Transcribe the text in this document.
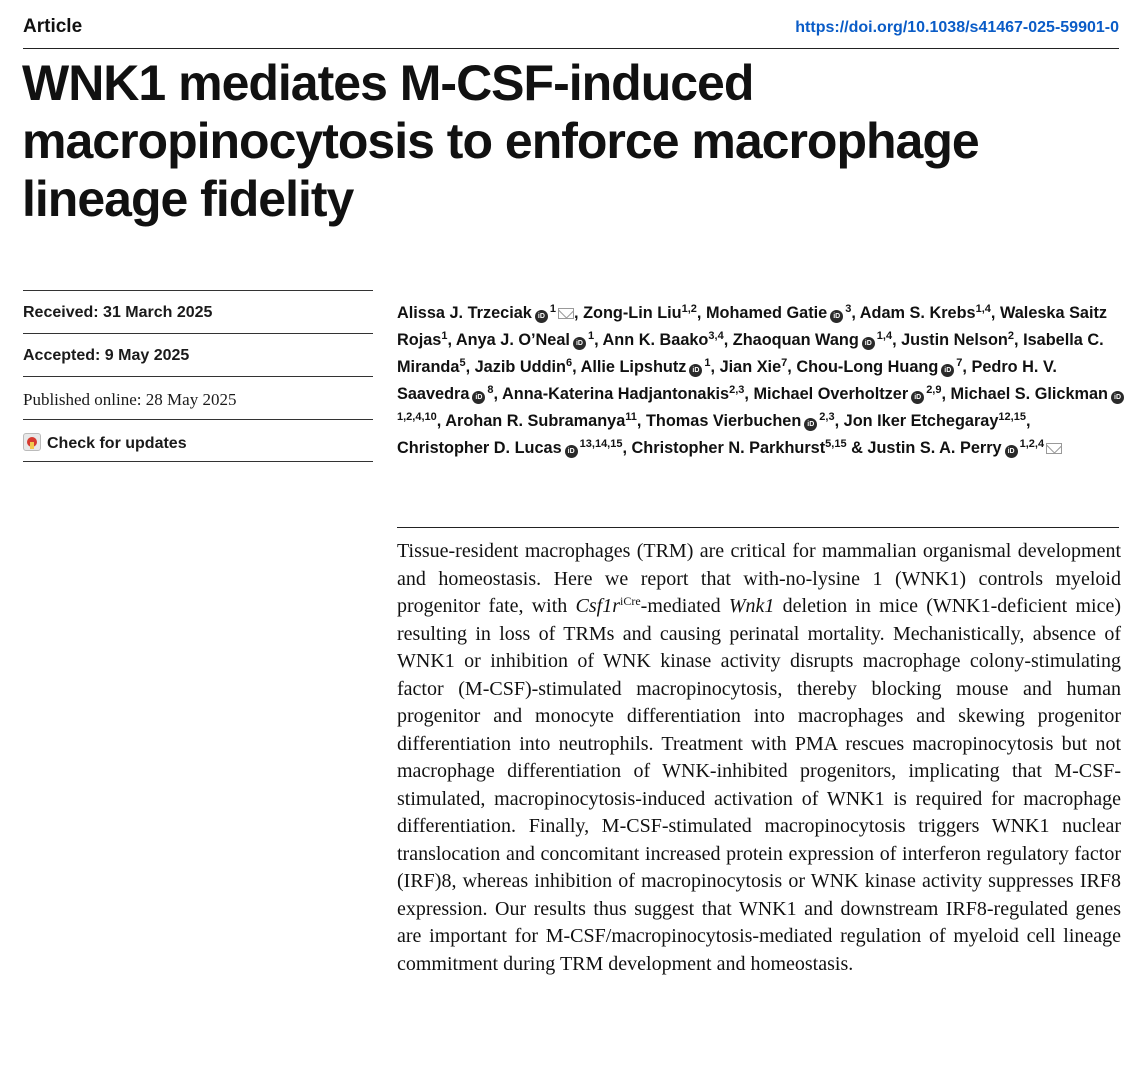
Article	https://doi.org/10.1038/s41467-025-59901-0
WNK1 mediates M-CSF-induced macropinocytosis to enforce macrophage lineage fidelity
Received: 31 March 2025
Accepted: 9 May 2025
Published online: 28 May 2025
Check for updates

Alissa J. Trzeciak $iD^1$ , Zong-Lin Liu$^{1,2}$, Mohamed Gatie $iD^3$, Adam S. Krebs$^{1,4}$, Waleska Saitz Rojas$^1$, Anya J. O’Neal $iD^1$, Ann K. Baako$^{3,4}$, Zhaoquan Wang iD$^{1,4}$, Justin Nelson$^2$, Isabella C. Miranda$^5$, Jazib Uddin$^6$, Allie Lipshutz $iD^1$, Jian Xie$^7$, Chou-Long Huang $iD^7$, Pedro H. V. Saavedra $iD^8$, Anna-Katerina Hadjantonakis$^{2,3}$, Michael Overholtzer iD$^{2,9}$, Michael S. Glickman iD$^{1,2,4,10}$, Arohan R. Subramanya$^{11}$, Thomas Vierbuchen iD$^{2,3}$, Jon Iker Etchegaray$^{12,15}$, Christopher D. Lucas iD$^{13,14,15}$, Christopher N. Parkhurst$^{5,15}$ & Justin S. A. Perry iD$^{1,2,4}$

Tissue-resident macrophages (TRM) are critical for mammalian organismal development and homeostasis. Here we report that with-no-lysine 1 (WNK1) controls myeloid progenitor fate, with $Csf1r^{iCre}$-mediated Wnk1 deletion in mice (WNK1-deficient mice) resulting in loss of TRMs and causing perinatal mortality. Mechanistically, absence of WNK1 or inhibition of WNK kinase activity disrupts macrophage colony-stimulating factor (M-CSF)-stimulated macropinocytosis, thereby blocking mouse and human progenitor and monocyte differentiation into macrophages and skewing progenitor differentiation into neutrophils. Treatment with PMA rescues macropinocytosis but not macrophage differentiation of WNK-inhibited progenitors, implicating that M-CSF-stimulated, macropinocytosis-induced activation of WNK1 is required for macrophage differentiation. Finally, M-CSF-stimulated macropinocytosis triggers WNK1 nuclear translocation and concomitant increased protein expression of interferon regulatory factor (IRF)8, whereas inhibition of macropinocytosis or WNK kinase activity suppresses IRF8 expression. Our results thus suggest that WNK1 and downstream IRF8-regulated genes are important for M-CSF/macropinocytosis-mediated regulation of myeloid cell lineage commitment during TRM development and homeostasis.
